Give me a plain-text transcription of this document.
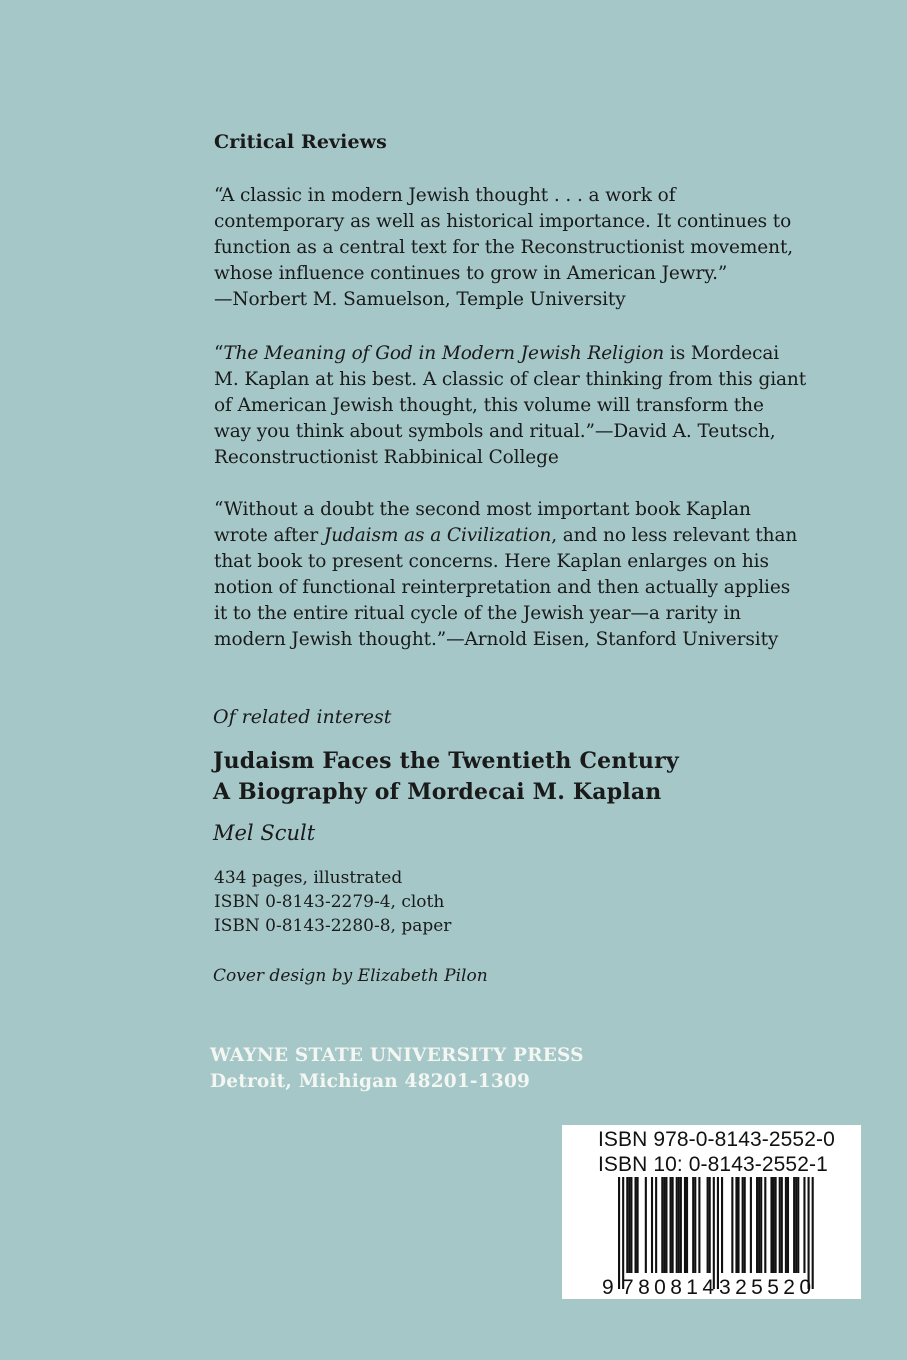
Critical Reviews
“A classic in modern Jewish thought . . . a work of
contemporary as well as historical importance. It continues to
function as a central text for the Reconstructionist movement,
whose influence continues to grow in American Jewry.”
—Norbert M. Samuelson, Temple University
“The Meaning of God in Modern Jewish Religion is Mordecai
M. Kaplan at his best. A classic of clear thinking from this giant
of American Jewish thought, this volume will transform the
way you think about symbols and ritual.”—David A. Teutsch,
Reconstructionist Rabbinical College
“Without a doubt the second most important book Kaplan
wrote after Judaism as a Civilization, and no less relevant than
that book to present concerns. Here Kaplan enlarges on his
notion of functional reinterpretation and then actually applies
it to the entire ritual cycle of the Jewish year—a rarity in
modern Jewish thought.”—Arnold Eisen, Stanford University
Of related interest
Judaism Faces the Twentieth Century
A Biography of Mordecai M. Kaplan
Mel Scult
434 pages, illustrated
ISBN 0-8143-2279-4, cloth
ISBN 0-8143-2280-8, paper
Cover design by Elizabeth Pilon
WAYNE STATE UNIVERSITY PRESS
Detroit, Michigan 48201-1309
ISBN 978-0-8143-2552-0
ISBN 10: 0-8143-2552-1
9 780814 325520
